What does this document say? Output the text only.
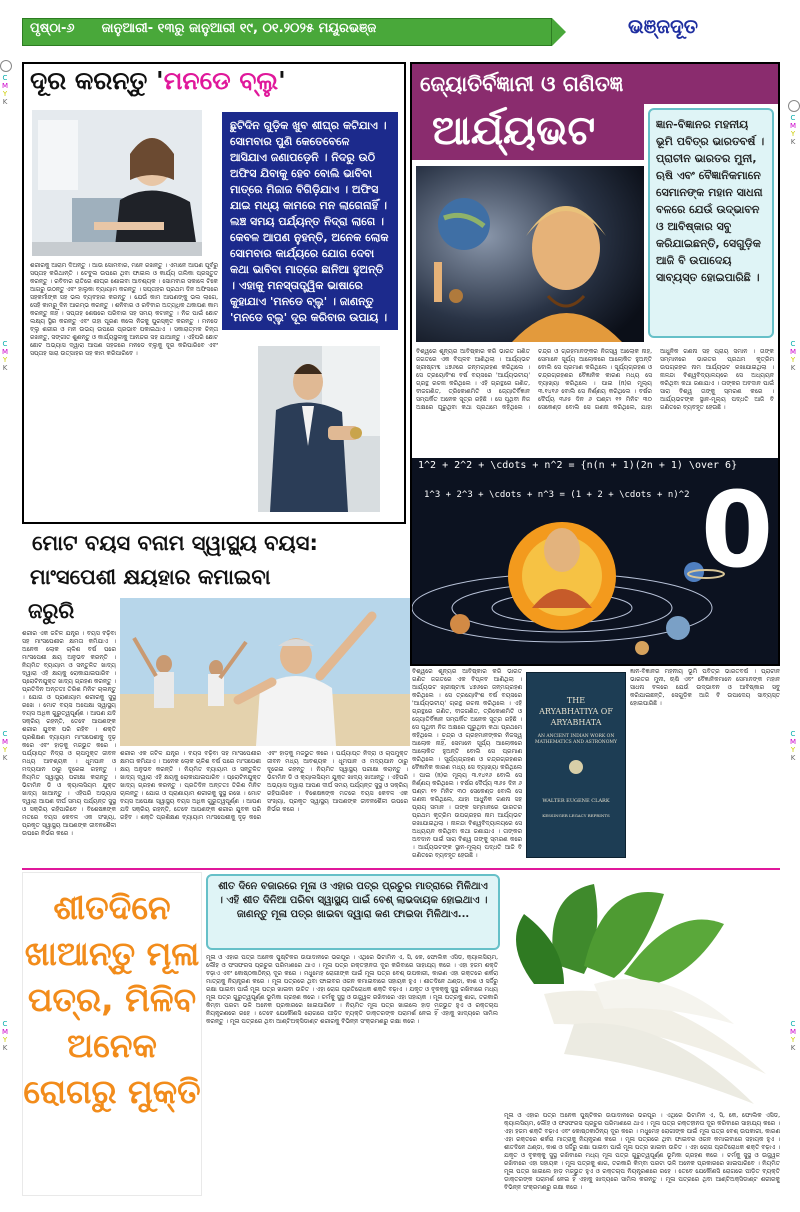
ପୃଷ୍ଠା-୬ ଜାନୁଆରୀ- ୧୩ରୁ ଜାନୁଆରୀ ୧୯, ୦୧.୨୦୨୫ ମୟୂରଭଞ୍ଜ	ଭଞ୍ଜଦୂତ
C
M
Y
K
C
M
Y
K
C
M
Y
K
C
M
Y
K
C
M
Y
K
C
M
Y
K
C
M
Y
K
C
M
Y
K
ଦୂର କରନ୍ତୁ 'ମନଡେ ବ୍ଲୁ'
ଛୁଟିଦିନ ଗୁଡ଼ିକ ଖୁବ ଶୀଘ୍ର କଟିଯାଏ । ସୋମବାର ପୁଣି କେତେବେଳେ ଆସିଯାଏ ଜଣାପଡ଼େନି । ନିଦରୁ ଉଠି ଅଫିସ ଯିବାକୁ ହେବ ବୋଲି ଭାବିବା ମାତ୍ରେ ମିଜାଜ ବିଗିଡ଼ିଯାଏ । ଅଫିସ ଯାଇ ମଧ୍ୟ କାମରେ ମନ ଲାଗେନାହିଁ । ଲଞ୍ଚ ସମୟ ପର୍ଯ୍ୟନ୍ତ ନିଦ୍ରା ଲାଗେ । କେବଳ ଆପଣ ନୁହନ୍ତି, ଅନେକ ଲୋକ ସୋମବାର କାର୍ଯ୍ୟରେ ଯୋଗ ଦେବା କଥା ଭାବିବା ମାତ୍ରେ ଛାନିଆ ହୁଅନ୍ତି । ଏହାକୁ ମନସ୍ତାତ୍ତ୍ୱିକ ଭାଷାରେ କୁହାଯାଏ 'ମନଡେ ବ୍ଲୁ' । ଜାଣନ୍ତୁ 'ମନଡେ ବ୍ଲୁ' ଦୂର କରିବାର ଉପାୟ ।
ଶରୀରକୁ ଆରାମ ଦିଅନ୍ତୁ । ଆଉ ସୋମବାର, ମନେ ରଖନ୍ତୁ । ଏମାନେ ଆପଣ ପୂର୍ବରୁ ସପ୍ତାହ କରିଥାନ୍ତି । ଟେବୁଲ ଉପରେ ଥିବା ଫାଇଲ ଓ କାର୍ଯ୍ୟ ତାଲିକା ପ୍ରସ୍ତୁତ କରନ୍ତୁ । ରବିବାର ରାତିରେ ଶୀଘ୍ର ଶୋଇବା ଆବଶ୍ୟକ । ସୋମବାର ସକାଳେ ଟିକେ ଆଗରୁ ଉଠନ୍ତୁ ଏବଂ ହାଲୁକା ବ୍ୟାୟାମ କରନ୍ତୁ । ସପ୍ତାହର ପ୍ରଥମ ଦିନ ଅଫିସରେ ସହକର୍ମୀଙ୍କ ସହ ଭଲ ବ୍ୟବହାର କରନ୍ତୁ । ଯେଉଁ କାମ ଆପଣଙ୍କୁ ଭଲ ଲାଗେ, ସେହି କାମରୁ ଦିନ ଆରମ୍ଭ କରନ୍ତୁ । ଶନିବାର ଓ ରବିବାର ଅତ୍ୟଧିକ ଥକାପଣ କାମ କରନ୍ତୁ ନାହିଁ । ସପ୍ତାହ ଶେଷରେ ପରିବାର ସହ ସମୟ କଟାନ୍ତୁ । ନିଜ ପାଇଁ ଛୋଟ ଲକ୍ଷ୍ୟ ସ୍ଥିର କରନ୍ତୁ ଏବଂ ତାହା ପୂରଣ କଲେ ନିଜକୁ ପୁରସ୍କୃତ କରନ୍ତୁ । ମନଡେ ବ୍ଲୁ ଶରୀର ଓ ମନ ଉଭୟ ଉପରେ ପ୍ରଭାବ ପକାଇଥାଏ । ସକାରାତ୍ମକ ଚିନ୍ତା ରଖନ୍ତୁ, ସଙ୍ଗୀତ ଶୁଣନ୍ତୁ ଓ କାର୍ଯ୍ୟସ୍ଥଳୀକୁ ଆନନ୍ଦର ସହ ଯାଆନ୍ତୁ । ଏହିପରି ଛୋଟ ଛୋଟ ଅଭ୍ୟାସ ଦ୍ୱାରା ଆପଣ ସହଜରେ ମନଡେ ବ୍ଲୁକୁ ଦୂର କରିପାରିବେ ଏବଂ ସପ୍ତାହ ସାରା ଉତ୍ସାହର ସହ କାମ କରିପାରିବେ ।
ଜ୍ୟୋତିର୍ବିଜ୍ଞାନୀ ଓ ଗଣିତଜ୍ଞ
ଆର୍ଯ୍ୟଭଟ	ଜ୍ଞାନ-ବିଜ୍ଞାନର ମହନୀୟ ଭୂମି ପବିତ୍ର ଭାରତବର୍ଷ । ପ୍ରାଚୀନ ଭାରତର ମୁନୀ, ଋଷି ଏବଂ ବୈଜ୍ଞାନିକମାନେ ସେମାନଙ୍କ ମହାନ ସାଧନା ବଳରେ ଯେଉଁ ଉଦ୍ଭାବନ ଓ ଆବିଷ୍କାର ସବୁ କରିଯାଇଛନ୍ତି, ସେଗୁଡ଼ିକ ଆଜି ବି ଉପାଦେୟ ସାବ୍ୟସ୍ତ ହୋଇପାରିଛି ।
ବିଶ୍ୱରେ ଶୂନ୍ୟର ଆବିଷ୍କାର କରି ଭାରତ ଗଣିତ ଜଗତରେ ଏକ ବିପ୍ଳବ ଆଣିଥିଲା । ଆର୍ଯ୍ୟଭଟ ଖ୍ରୀଷ୍ଟାବ୍ଦ ୪୭୬ରେ ଜନ୍ମଗ୍ରହଣ କରିଥିଲେ । ସେ ତ୍ରୟୋବିଂଶ ବର୍ଷ ବୟସରେ 'ଆର୍ଯ୍ୟଭଟୀୟ' ଗ୍ରନ୍ଥ ରଚନା କରିଥିଲେ । ଏହି ଗ୍ରନ୍ଥରେ ଗଣିତ, ବୀଜଗଣିତ, ତ୍ରିକୋଣମିତି ଓ ଜ୍ୟୋତିର୍ବିଜ୍ଞାନ ସମ୍ପର୍କିତ ଅନେକ ସୂତ୍ର ରହିଛି । ସେ ପୃଥିବୀ ନିଜ ଅକ୍ଷରେ ଘୂରୁଥିବା କଥା ପ୍ରଥମେ କହିଥିଲେ । ଚନ୍ଦ୍ର ଓ ଗ୍ରହମାନଙ୍କର ନିଜସ୍ୱ ଆଲୋକ ନାହିଁ, ସେମାନେ ସୂର୍ଯ୍ୟ ଆଲୋକରେ ଆଲୋକିତ ହୁଅନ୍ତି ବୋଲି ସେ ପ୍ରମାଣ କରିଥିଲେ । ସୂର୍ଯ୍ୟଗ୍ରହଣ ଓ ଚନ୍ଦ୍ରଗ୍ରହଣର ବୈଜ୍ଞାନିକ କାରଣ ମଧ୍ୟ ସେ ବ୍ୟାଖ୍ୟା କରିଥିଲେ । ପାଇ (π)ର ମୂଲ୍ୟ ୩.୧୪୧୬ ବୋଲି ସେ ନିର୍ଣ୍ଣୟ କରିଥିଲେ । ବର୍ଷର ଦୈର୍ଘ୍ୟ ୩୬୫ ଦିନ ୬ ଘଣ୍ଟା ୧୨ ମିନିଟ ୩୦ ସେକେଣ୍ଡ ବୋଲି ସେ ଗଣନା କରିଥିଲେ, ଯାହା ଆଧୁନିକ ଗଣନା ସହ ପ୍ରାୟ ସମାନ । ତାଙ୍କ ସମ୍ମାନରେ ଭାରତର ପ୍ରଥମ କୃତ୍ରିମ ଉପଗ୍ରହର ନାମ ଆର୍ଯ୍ୟଭଟ ରଖାଯାଇଥିଲା । ନାଳନ୍ଦା ବିଶ୍ୱବିଦ୍ୟାଳୟରେ ସେ ଅଧ୍ୟୟନ କରିଥିବା କଥା ଜଣାଯାଏ । ତାଙ୍କର ଅବଦାନ ପାଇଁ ସାରା ବିଶ୍ୱ ତାଙ୍କୁ ସ୍ମରଣ କରେ । ଆର୍ଯ୍ୟଭଟଙ୍କ ସ୍ଥାନ-ମୂଲ୍ୟ ପଦ୍ଧତି ଆଜି ବି ଗଣିତରେ ବ୍ୟବହୃତ ହେଉଛି ।
1^2 + 2^2 + \cdots + n^2 = {n(n + 1)(2n + 1) \over 6}
1^3 + 2^3 + \cdots + n^3 = (1 + 2 + \cdots + n)^2 0
ମୋଟ ବୟସ ବନାମ ସ୍ୱାସ୍ଥ୍ୟ ବୟସ:
ମାଂସପେଶୀ କ୍ଷୟହାର କମାଇବା
ଜରୁରି
ଶରୀର ଏକ ଜଟିଳ ଯନ୍ତ୍ର । ବୟସ ବଢ଼ିବା ସହ ମାଂସପେଶୀର କ୍ଷମତା କମିଯାଏ । ଅନେକ ଲୋକ ଚାଳିଶ ବର୍ଷ ପରେ ମାଂସପେଶୀ କ୍ଷୟ ଅନୁଭବ କରନ୍ତି । ନିୟମିତ ବ୍ୟାୟାମ ଓ ସନ୍ତୁଳିତ ଖାଦ୍ୟ ଦ୍ୱାରା ଏହି କ୍ଷୟକୁ ରୋକାଯାଇପାରିବ । ପ୍ରୋଟିନଯୁକ୍ତ ଖାଦ୍ୟ ଗ୍ରହଣ କରନ୍ତୁ । ପ୍ରତିଦିନ ଅନ୍ତତଃ ତିରିଶ ମିନିଟ ଚାଲନ୍ତୁ । ଯୋଗ ଓ ପ୍ରାଣାୟାମ ଶରୀରକୁ ସୁସ୍ଥ ରଖେ । ମୋଟ ବୟସ ଅପେକ୍ଷା ସ୍ୱାସ୍ଥ୍ୟ ବୟସ ଅଧିକ ଗୁରୁତ୍ୱପୂର୍ଣ୍ଣ । ଆପଣ ଯଦି ସକ୍ରିୟ ରହନ୍ତି, ତେବେ ଆପଣଙ୍କ ଶରୀର ଯୁବକ ପରି ରହିବ । ଶକ୍ତି ପ୍ରଶିକ୍ଷଣ ବ୍ୟାୟାମ ମାଂସପେଶୀକୁ ଦୃଢ଼ କରେ ଏବଂ ହାଡ଼କୁ ମଜଭୁତ କରେ । ପର୍ଯ୍ୟାପ୍ତ ନିଦ୍ରା ଓ ଚାପମୁକ୍ତ ଜୀବନ ମଧ୍ୟ ଆବଶ୍ୟକ । ଧୂମପାନ ଓ ମଦ୍ୟପାନ ଠାରୁ ଦୂରେଇ ରହନ୍ତୁ । ନିୟମିତ ସ୍ୱାସ୍ଥ୍ୟ ପରୀକ୍ଷା କରାନ୍ତୁ । ଭିଟାମିନ ଡି ଓ କ୍ୟାଲସିୟମ ଯୁକ୍ତ ଖାଦ୍ୟ ଖାଆନ୍ତୁ । ଏହିପରି ଅଭ୍ୟାସ ଦ୍ୱାରା ଆପଣ ଦୀର୍ଘ ସମୟ ପର୍ଯ୍ୟନ୍ତ ସୁସ୍ଥ ଓ ସକ୍ରିୟ ରହିପାରିବେ । ବିଶେଷଜ୍ଞଙ୍କ ମତରେ ବୟସ କେବଳ ଏକ ସଂଖ୍ୟା, ପ୍ରକୃତ ସ୍ୱାସ୍ଥ୍ୟ ଆପଣଙ୍କ ଜୀବନଶୈଳୀ ଉପରେ ନିର୍ଭର କରେ ।
ଶରୀର ଏକ ଜଟିଳ ଯନ୍ତ୍ର । ବୟସ ବଢ଼ିବା ସହ ମାଂସପେଶୀର କ୍ଷମତା କମିଯାଏ । ଅନେକ ଲୋକ ଚାଳିଶ ବର୍ଷ ପରେ ମାଂସପେଶୀ କ୍ଷୟ ଅନୁଭବ କରନ୍ତି । ନିୟମିତ ବ୍ୟାୟାମ ଓ ସନ୍ତୁଳିତ ଖାଦ୍ୟ ଦ୍ୱାରା ଏହି କ୍ଷୟକୁ ରୋକାଯାଇପାରିବ । ପ୍ରୋଟିନଯୁକ୍ତ ଖାଦ୍ୟ ଗ୍ରହଣ କରନ୍ତୁ । ପ୍ରତିଦିନ ଅନ୍ତତଃ ତିରିଶ ମିନିଟ ଚାଲନ୍ତୁ । ଯୋଗ ଓ ପ୍ରାଣାୟାମ ଶରୀରକୁ ସୁସ୍ଥ ରଖେ । ମୋଟ ବୟସ ଅପେକ୍ଷା ସ୍ୱାସ୍ଥ୍ୟ ବୟସ ଅଧିକ ଗୁରୁତ୍ୱପୂର୍ଣ୍ଣ । ଆପଣ ଯଦି ସକ୍ରିୟ ରହନ୍ତି, ତେବେ ଆପଣଙ୍କ ଶରୀର ଯୁବକ ପରି ରହିବ । ଶକ୍ତି ପ୍ରଶିକ୍ଷଣ ବ୍ୟାୟାମ ମାଂସପେଶୀକୁ ଦୃଢ଼ କରେ ଏବଂ ହାଡ଼କୁ ମଜଭୁତ କରେ । ପର୍ଯ୍ୟାପ୍ତ ନିଦ୍ରା ଓ ଚାପମୁକ୍ତ ଜୀବନ ମଧ୍ୟ ଆବଶ୍ୟକ । ଧୂମପାନ ଓ ମଦ୍ୟପାନ ଠାରୁ ଦୂରେଇ ରହନ୍ତୁ । ନିୟମିତ ସ୍ୱାସ୍ଥ୍ୟ ପରୀକ୍ଷା କରାନ୍ତୁ । ଭିଟାମିନ ଡି ଓ କ୍ୟାଲସିୟମ ଯୁକ୍ତ ଖାଦ୍ୟ ଖାଆନ୍ତୁ । ଏହିପରି ଅଭ୍ୟାସ ଦ୍ୱାରା ଆପଣ ଦୀର୍ଘ ସମୟ ପର୍ଯ୍ୟନ୍ତ ସୁସ୍ଥ ଓ ସକ୍ରିୟ ରହିପାରିବେ । ବିଶେଷଜ୍ଞଙ୍କ ମତରେ ବୟସ କେବଳ ଏକ ସଂଖ୍ୟା, ପ୍ରକୃତ ସ୍ୱାସ୍ଥ୍ୟ ଆପଣଙ୍କ ଜୀବନଶୈଳୀ ଉପରେ ନିର୍ଭର କରେ ।
ବିଶ୍ୱରେ ଶୂନ୍ୟର ଆବିଷ୍କାର କରି ଭାରତ ଗଣିତ ଜଗତରେ ଏକ ବିପ୍ଳବ ଆଣିଥିଲା । ଆର୍ଯ୍ୟଭଟ ଖ୍ରୀଷ୍ଟାବ୍ଦ ୪୭୬ରେ ଜନ୍ମଗ୍ରହଣ କରିଥିଲେ । ସେ ତ୍ରୟୋବିଂଶ ବର୍ଷ ବୟସରେ 'ଆର୍ଯ୍ୟଭଟୀୟ' ଗ୍ରନ୍ଥ ରଚନା କରିଥିଲେ । ଏହି ଗ୍ରନ୍ଥରେ ଗଣିତ, ବୀଜଗଣିତ, ତ୍ରିକୋଣମିତି ଓ ଜ୍ୟୋତିର୍ବିଜ୍ଞାନ ସମ୍ପର୍କିତ ଅନେକ ସୂତ୍ର ରହିଛି । ସେ ପୃଥିବୀ ନିଜ ଅକ୍ଷରେ ଘୂରୁଥିବା କଥା ପ୍ରଥମେ କହିଥିଲେ । ଚନ୍ଦ୍ର ଓ ଗ୍ରହମାନଙ୍କର ନିଜସ୍ୱ ଆଲୋକ ନାହିଁ, ସେମାନେ ସୂର୍ଯ୍ୟ ଆଲୋକରେ ଆଲୋକିତ ହୁଅନ୍ତି ବୋଲି ସେ ପ୍ରମାଣ କରିଥିଲେ । ସୂର୍ଯ୍ୟଗ୍ରହଣ ଓ ଚନ୍ଦ୍ରଗ୍ରହଣର ବୈଜ୍ଞାନିକ କାରଣ ମଧ୍ୟ ସେ ବ୍ୟାଖ୍ୟା କରିଥିଲେ । ପାଇ (π)ର ମୂଲ୍ୟ ୩.୧୪୧୬ ବୋଲି ସେ ନିର୍ଣ୍ଣୟ କରିଥିଲେ । ବର୍ଷର ଦୈର୍ଘ୍ୟ ୩୬୫ ଦିନ ୬ ଘଣ୍ଟା ୧୨ ମିନିଟ ୩୦ ସେକେଣ୍ଡ ବୋଲି ସେ ଗଣନା କରିଥିଲେ, ଯାହା ଆଧୁନିକ ଗଣନା ସହ ପ୍ରାୟ ସମାନ । ତାଙ୍କ ସମ୍ମାନରେ ଭାରତର ପ୍ରଥମ କୃତ୍ରିମ ଉପଗ୍ରହର ନାମ ଆର୍ଯ୍ୟଭଟ ରଖାଯାଇଥିଲା । ନାଳନ୍ଦା ବିଶ୍ୱବିଦ୍ୟାଳୟରେ ସେ ଅଧ୍ୟୟନ କରିଥିବା କଥା ଜଣାଯାଏ । ତାଙ୍କର ଅବଦାନ ପାଇଁ ସାରା ବିଶ୍ୱ ତାଙ୍କୁ ସ୍ମରଣ କରେ । ଆର୍ଯ୍ୟଭଟଙ୍କ ସ୍ଥାନ-ମୂଲ୍ୟ ପଦ୍ଧତି ଆଜି ବି ଗଣିତରେ ବ୍ୟବହୃତ ହେଉଛି ।
THE
ARYABHATIYA OF
ARYABHATA
AN ANCIENT INDIAN WORK ON MATHEMATICS AND ASTRONOMY
WALTER EUGENE CLARK
KESSINGER LEGACY REPRINTS
ଜ୍ଞାନ-ବିଜ୍ଞାନର ମହନୀୟ ଭୂମି ପବିତ୍ର ଭାରତବର୍ଷ । ପ୍ରାଚୀନ ଭାରତର ମୁନୀ, ଋଷି ଏବଂ ବୈଜ୍ଞାନିକମାନେ ସେମାନଙ୍କ ମହାନ ସାଧନା ବଳରେ ଯେଉଁ ଉଦ୍ଭାବନ ଓ ଆବିଷ୍କାର ସବୁ କରିଯାଇଛନ୍ତି, ସେଗୁଡ଼ିକ ଆଜି ବି ଉପାଦେୟ ସାବ୍ୟସ୍ତ ହୋଇପାରିଛି ।
ଶୀତଦିନେ ଖାଆନ୍ତୁ ମୂଳା ପତ୍ର, ମିଳିବ ଅନେକ ରୋଗରୁ ମୁକ୍ତି
ଶୀତ ଦିନେ ବଜାରରେ ମୂଳା ଓ ଏହାର ପତ୍ର ପ୍ରଚୁର ମାତ୍ରାରେ ମିଳିଥାଏ । ଏହି ଶୀତ ଦିନିଆ ପରିବା ସ୍ୱାସ୍ଥ୍ୟ ପାଇଁ ବେଶ୍ ଲାଭଦାୟକ ହୋଇଥାଏ । ଜାଣନ୍ତୁ ମୂଳା ପତ୍ର ଖାଇବା ଦ୍ୱାରା କଣ ଫାଇଦା ମିଳିଥାଏ...
ମୂଳା ଓ ଏହାର ପତ୍ର ଅନେକ ପୁଷ୍ଟିକର ଉପାଦାନରେ ଭରପୂର । ଏଥିରେ ଭିଟାମିନ ଏ, ସି, କେ, ଫୋଲିକ ଏସିଡ, କ୍ୟାଲସିୟମ, ଲୌହ ଓ ଫସଫରସ ପ୍ରଚୁର ପରିମାଣରେ ଥାଏ । ମୂଳା ପତ୍ର ରକ୍ତହୀନତା ଦୂର କରିବାରେ ସାହାଯ୍ୟ କରେ । ଏହା ହଜମ ଶକ୍ତି ବଢ଼ାଏ ଏବଂ କୋଷ୍ଠକାଠିନ୍ୟ ଦୂର କରେ । ମଧୁମେହ ରୋଗୀଙ୍କ ପାଇଁ ମୂଳା ପତ୍ର ବେଶ୍ ଉପକାରୀ, କାରଣ ଏହା ରକ୍ତରେ ଶର୍କରା ମାତ୍ରାକୁ ନିୟନ୍ତ୍ରଣ କରେ । ମୂଳା ପତ୍ରରେ ଥିବା ଫାଇବର ଓଜନ କମାଇବାରେ ସହାୟକ ହୁଏ । ଶୀତଦିନେ ଥଣ୍ଡା, କାଶ ଓ ସର୍ଦ୍ଦିରୁ ରକ୍ଷା ପାଇବା ପାଇଁ ମୂଳା ପତ୍ର ଖାଇବା ଉଚିତ । ଏହା ରୋଗ ପ୍ରତିରୋଧକ ଶକ୍ତି ବଢ଼ାଏ । ଯକୃତ ଓ ବୃକକ୍କୁ ସୁସ୍ଥ ରଖିବାରେ ମଧ୍ୟ ମୂଳା ପତ୍ର ଗୁରୁତ୍ୱପୂର୍ଣ୍ଣ ଭୂମିକା ଗ୍ରହଣ କରେ । ଚର୍ମକୁ ସୁସ୍ଥ ଓ ଉଜ୍ଜ୍ୱଳ ରଖିବାରେ ଏହା ସହାୟକ । ମୂଳା ପତ୍ରକୁ ଶାଗ, ତରକାରି କିମ୍ବା ପରଟା ଭଳି ଅନେକ ପ୍ରକାରରେ ଖାଇପାରିବେ । ନିୟମିତ ମୂଳା ପତ୍ର ଖାଇଲେ ହାଡ଼ ମଜଭୁତ ହୁଏ ଓ ରକ୍ତଚାପ ନିୟନ୍ତ୍ରଣରେ ରହେ । ତେବେ ଯେକୌଣସି ରୋଗରେ ପୀଡ଼ିତ ବ୍ୟକ୍ତି ଡାକ୍ତରଙ୍କ ପରାମର୍ଶ ନେଇ ହିଁ ଏହାକୁ ଖାଦ୍ୟରେ ସାମିଲ କରନ୍ତୁ । ମୂଳା ପତ୍ରରେ ଥିବା ଆଣ୍ଟିଅକ୍ସିଡାଣ୍ଟ ଶରୀରକୁ ବିଭିନ୍ନ ସଂକ୍ରମଣରୁ ରକ୍ଷା କରେ ।
ମୂଳା ଓ ଏହାର ପତ୍ର ଅନେକ ପୁଷ୍ଟିକର ଉପାଦାନରେ ଭରପୂର । ଏଥିରେ ଭିଟାମିନ ଏ, ସି, କେ, ଫୋଲିକ ଏସିଡ, କ୍ୟାଲସିୟମ, ଲୌହ ଓ ଫସଫରସ ପ୍ରଚୁର ପରିମାଣରେ ଥାଏ । ମୂଳା ପତ୍ର ରକ୍ତହୀନତା ଦୂର କରିବାରେ ସାହାଯ୍ୟ କରେ । ଏହା ହଜମ ଶକ୍ତି ବଢ଼ାଏ ଏବଂ କୋଷ୍ଠକାଠିନ୍ୟ ଦୂର କରେ । ମଧୁମେହ ରୋଗୀଙ୍କ ପାଇଁ ମୂଳା ପତ୍ର ବେଶ୍ ଉପକାରୀ, କାରଣ ଏହା ରକ୍ତରେ ଶର୍କରା ମାତ୍ରାକୁ ନିୟନ୍ତ୍ରଣ କରେ । ମୂଳା ପତ୍ରରେ ଥିବା ଫାଇବର ଓଜନ କମାଇବାରେ ସହାୟକ ହୁଏ । ଶୀତଦିନେ ଥଣ୍ଡା, କାଶ ଓ ସର୍ଦ୍ଦିରୁ ରକ୍ଷା ପାଇବା ପାଇଁ ମୂଳା ପତ୍ର ଖାଇବା ଉଚିତ । ଏହା ରୋଗ ପ୍ରତିରୋଧକ ଶକ୍ତି ବଢ଼ାଏ । ଯକୃତ ଓ ବୃକକ୍କୁ ସୁସ୍ଥ ରଖିବାରେ ମଧ୍ୟ ମୂଳା ପତ୍ର ଗୁରୁତ୍ୱପୂର୍ଣ୍ଣ ଭୂମିକା ଗ୍ରହଣ କରେ । ଚର୍ମକୁ ସୁସ୍ଥ ଓ ଉଜ୍ଜ୍ୱଳ ରଖିବାରେ ଏହା ସହାୟକ । ମୂଳା ପତ୍ରକୁ ଶାଗ, ତରକାରି କିମ୍ବା ପରଟା ଭଳି ଅନେକ ପ୍ରକାରରେ ଖାଇପାରିବେ । ନିୟମିତ ମୂଳା ପତ୍ର ଖାଇଲେ ହାଡ଼ ମଜଭୁତ ହୁଏ ଓ ରକ୍ତଚାପ ନିୟନ୍ତ୍ରଣରେ ରହେ । ତେବେ ଯେକୌଣସି ରୋଗରେ ପୀଡ଼ିତ ବ୍ୟକ୍ତି ଡାକ୍ତରଙ୍କ ପରାମର୍ଶ ନେଇ ହିଁ ଏହାକୁ ଖାଦ୍ୟରେ ସାମିଲ କରନ୍ତୁ । ମୂଳା ପତ୍ରରେ ଥିବା ଆଣ୍ଟିଅକ୍ସିଡାଣ୍ଟ ଶରୀରକୁ ବିଭିନ୍ନ ସଂକ୍ରମଣରୁ ରକ୍ଷା କରେ ।
